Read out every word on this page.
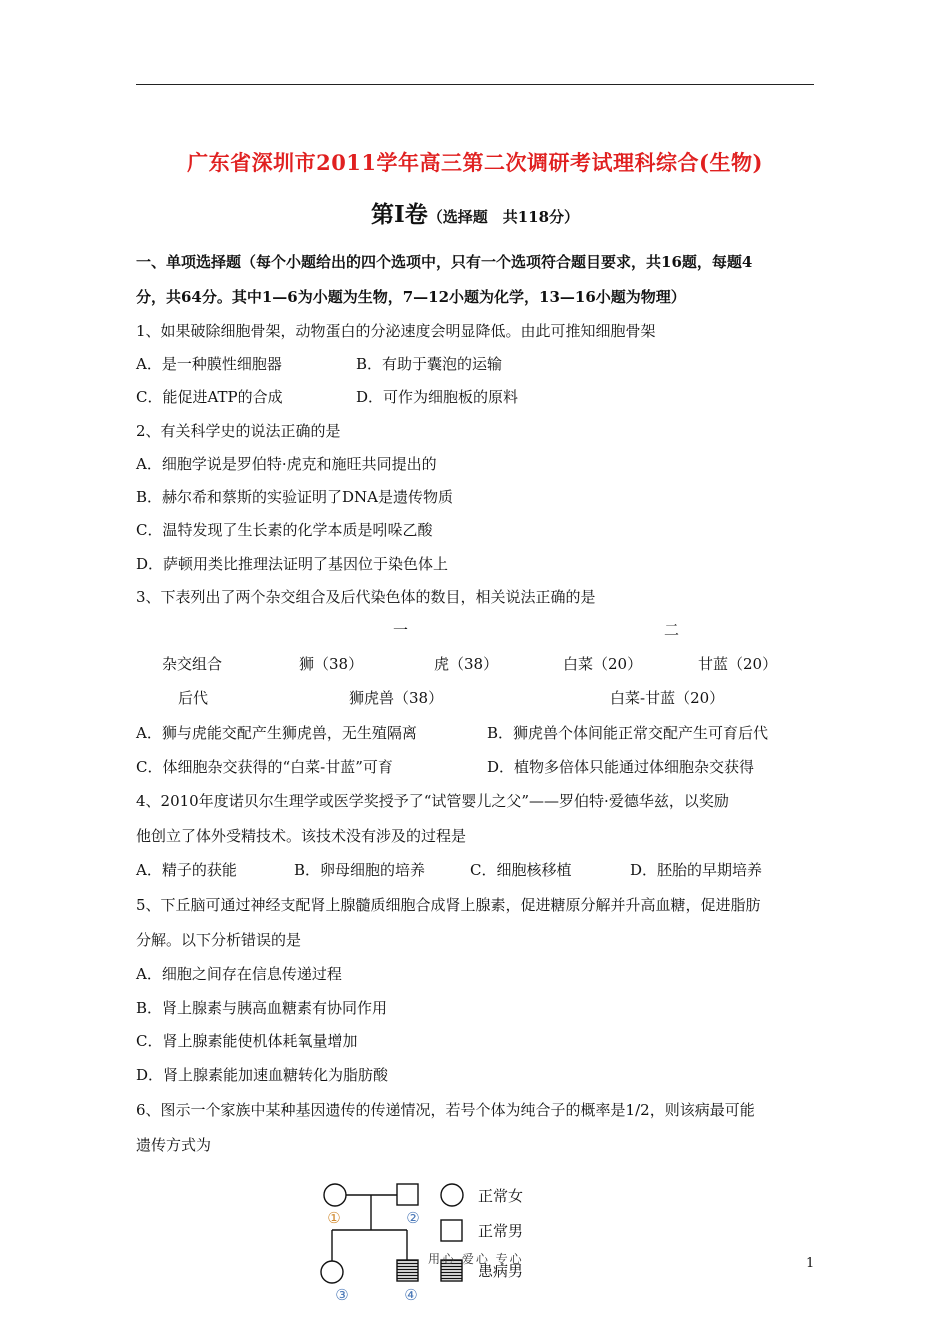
广东省深圳市2011学年高三第二次调研考试理科综合(生物)
第Ⅰ卷（选择题　共118分）
一、单项选择题（每个小题给出的四个选项中，只有一个选项符合题目要求，共16题，每题4
分，共64分。其中1—6为小题为生物，7—12小题为化学，13—16小题为物理）
1、如果破除细胞骨架，动物蛋白的分泌速度会明显降低。由此可推知细胞骨架
A．是一种膜性细胞器	B．有助于囊泡的运输
C．能促进ATP的合成	D．可作为细胞板的原料
2、有关科学史的说法正确的是
A．细胞学说是罗伯特·虎克和施旺共同提出的
B．赫尔希和蔡斯的实验证明了DNA是遗传物质
C．温特发现了生长素的化学本质是吲哚乙酸
D．萨顿用类比推理法证明了基因位于染色体上
3、下表列出了两个杂交组合及后代染色体的数目，相关说法正确的是
一	二
杂交组合	狮（38）	虎（38）	白菜（20）	甘蓝（20）
后代	狮虎兽（38）	白菜-甘蓝（20）
A．狮与虎能交配产生狮虎兽，无生殖隔离	B．狮虎兽个体间能正常交配产生可育后代
C．体细胞杂交获得的“白菜-甘蓝”可育	D．植物多倍体只能通过体细胞杂交获得
4、2010年度诺贝尔生理学或医学奖授予了“试管婴儿之父”——罗伯特·爱德华兹，以奖励
他创立了体外受精技术。该技术没有涉及的过程是
A．精子的获能	B．卵母细胞的培养	C．细胞核移植	D．胚胎的早期培养
5、下丘脑可通过神经支配肾上腺髓质细胞合成肾上腺素，促进糖原分解并升高血糖，促进脂肪
分解。以下分析错误的是
A．细胞之间存在信息传递过程
B．肾上腺素与胰高血糖素有协同作用
C．肾上腺素能使机体耗氧量增加
D．肾上腺素能加速血糖转化为脂肪酸
6、图示一个家族中某种基因遗传的传递情况，若号个体为纯合子的概率是1/2，则该病最可能
遗传方式为
正常女
正常男
患病男
①	②
③	④
用心 爱心 专心	1
